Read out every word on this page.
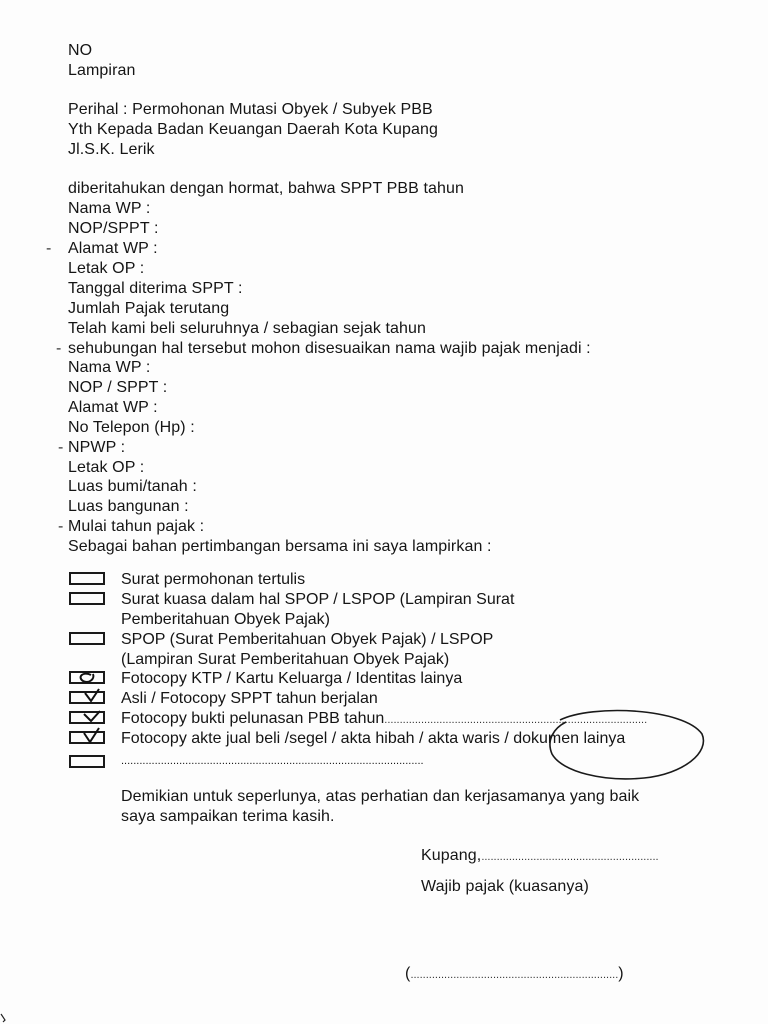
NO
Lampiran
Perihal : Permohonan Mutasi Obyek / Subyek PBB
Yth Kepada Badan Keuangan Daerah Kota Kupang
Jl.S.K. Lerik
diberitahukan dengan hormat, bahwa SPPT PBB tahun
Nama WP :
NOP/SPPT :
Alamat WP :
Letak OP :
Tanggal diterima SPPT :
Jumlah Pajak terutang
Telah kami beli seluruhnya / sebagian sejak tahun
sehubungan hal tersebut mohon disesuaikan nama wajib pajak menjadi :
Nama WP :
NOP / SPPT :
Alamat WP :
No Telepon (Hp) :
NPWP :
Letak OP :
Luas bumi/tanah :
Luas bangunan :
Mulai tahun pajak :
Sebagai bahan pertimbangan bersama ini saya lampirkan :
-
-
-
-
Surat permohonan tertulis
Surat kuasa dalam hal SPOP / LSPOP (Lampiran Surat
Pemberitahuan Obyek Pajak)
SPOP (Surat Pemberitahuan Obyek Pajak) / LSPOP
(Lampiran Surat Pemberitahuan Obyek Pajak)
Fotocopy KTP / Kartu Keluarga / Identitas lainya
Asli / Fotocopy SPPT tahun berjalan
Fotocopy bukti pelunasan PBB tahun......................................................................................
Fotocopy akte jual beli /segel / akta hibah / akta waris / dokumen lainya
...................................................................................................
Demikian untuk seperlunya, atas perhatian dan kerjasamanya yang baik
saya sampaikan terima kasih.
Kupang,..........................................................
Wajib pajak (kuasanya)
(....................................................................)
